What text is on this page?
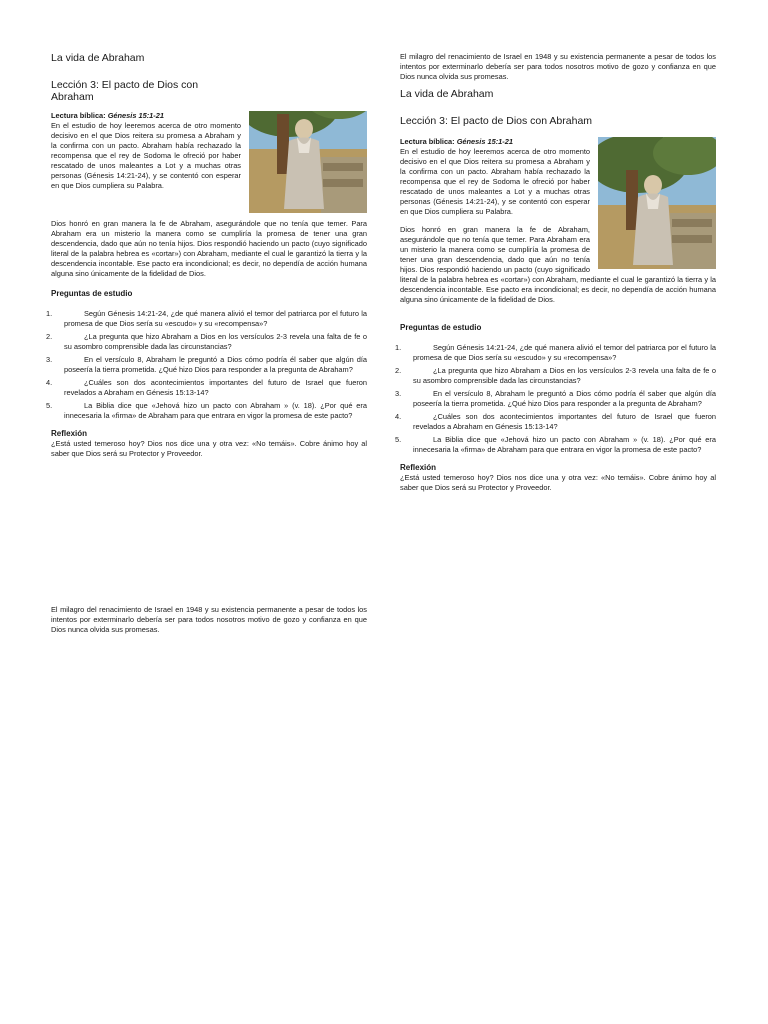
La vida de Abraham
Lección 3: El pacto de Dios con Abraham

Lectura bíblica: Génesis 15:1-21
En el estudio de hoy leeremos acerca de otro momento decisivo en el que Dios reitera su promesa a Abraham y la confirma con un pacto. Abraham había rechazado la recompensa que el rey de Sodoma le ofreció por haber rescatado de unos maleantes a Lot y a muchas otras personas (Génesis 14:21-24), y se contentó con esperar en que Dios cumpliera su Palabra.

Dios honró en gran manera la fe de Abraham, asegurándole que no tenía que temer. Para Abraham era un misterio la manera como se cumpliría la promesa de tener una gran descendencia, dado que aún no tenía hijos. Dios respondió haciendo un pacto (cuyo significado literal de la palabra hebrea es «cortar») con Abraham, mediante el cual le garantizó la tierra y la descendencia incontable. Ese pacto era incondicional; es decir, no dependía de acción humana alguna sino únicamente de la fidelidad de Dios.

Preguntas de estudio
1.	Según Génesis 14:21-24, ¿de qué manera alivió el temor del patriarca por el futuro la promesa de que Dios sería su «escudo» y su «recompensa»?
2.	¿La pregunta que hizo Abraham a Dios en los versículos 2-3 revela una falta de fe o su asombro comprensible dada las circunstancias?
3.	En el versículo 8, Abraham le preguntó a Dios cómo podría él saber que algún día poseería la tierra prometida. ¿Qué hizo Dios para responder a la pregunta de Abraham?
4.	¿Cuáles son dos acontecimientos importantes del futuro de Israel que fueron revelados a Abraham en Génesis 15:13-14?
5.	La Biblia dice que «Jehová hizo un pacto con Abraham » (v. 18). ¿Por qué era innecesaria la «firma» de Abraham para que entrara en vigor la promesa de este pacto?
Reflexión

¿Está usted temeroso hoy? Dios nos dice una y otra vez: «No temáis». Cobre ánimo hoy al saber que Dios será su Protector y Proveedor.

El milagro del renacimiento de Israel en 1948 y su existencia permanente a pesar de todos los intentos por exterminarlo debería ser para todos nosotros motivo de gozo y confianza en que Dios nunca olvida sus promesas.

El milagro del renacimiento de Israel en 1948 y su existencia permanente a pesar de todos los intentos por exterminarlo debería ser para todos nosotros motivo de gozo y confianza en que Dios nunca olvida sus promesas.

La vida de Abraham
Lección 3: El pacto de Dios con Abraham

Lectura bíblica: Génesis 15:1-21
En el estudio de hoy leeremos acerca de otro momento decisivo en el que Dios reitera su promesa a Abraham y la confirma con un pacto. Abraham había rechazado la recompensa que el rey de Sodoma le ofreció por haber rescatado de unos maleantes a Lot y a muchas otras personas (Génesis 14:21-24), y se contentó con esperar en que Dios cumpliera su Palabra.

Dios honró en gran manera la fe de Abraham, asegurándole que no tenía que temer. Para Abraham era un misterio la manera como se cumpliría la promesa de tener una gran descendencia, dado que aún no tenía hijos. Dios respondió haciendo un pacto (cuyo significado literal de la palabra hebrea es «cortar») con Abraham, mediante el cual le garantizó la tierra y la descendencia incontable. Ese pacto era incondicional; es decir, no dependía de acción humana alguna sino únicamente de la fidelidad de Dios.

Preguntas de estudio
1.	Según Génesis 14:21-24, ¿de qué manera alivió el temor del patriarca por el futuro la promesa de que Dios sería su «escudo» y su «recompensa»?
2.	¿La pregunta que hizo Abraham a Dios en los versículos 2-3 revela una falta de fe o su asombro comprensible dada las circunstancias?
3.	En el versículo 8, Abraham le preguntó a Dios cómo podría él saber que algún día poseería la tierra prometida. ¿Qué hizo Dios para responder a la pregunta de Abraham?
4.	¿Cuáles son dos acontecimientos importantes del futuro de Israel que fueron revelados a Abraham en Génesis 15:13-14?
5.	La Biblia dice que «Jehová hizo un pacto con Abraham » (v. 18). ¿Por qué era innecesaria la «firma» de Abraham para que entrara en vigor la promesa de este pacto?
Reflexión

¿Está usted temeroso hoy? Dios nos dice una y otra vez: «No temáis». Cobre ánimo hoy al saber que Dios será su Protector y Proveedor.
